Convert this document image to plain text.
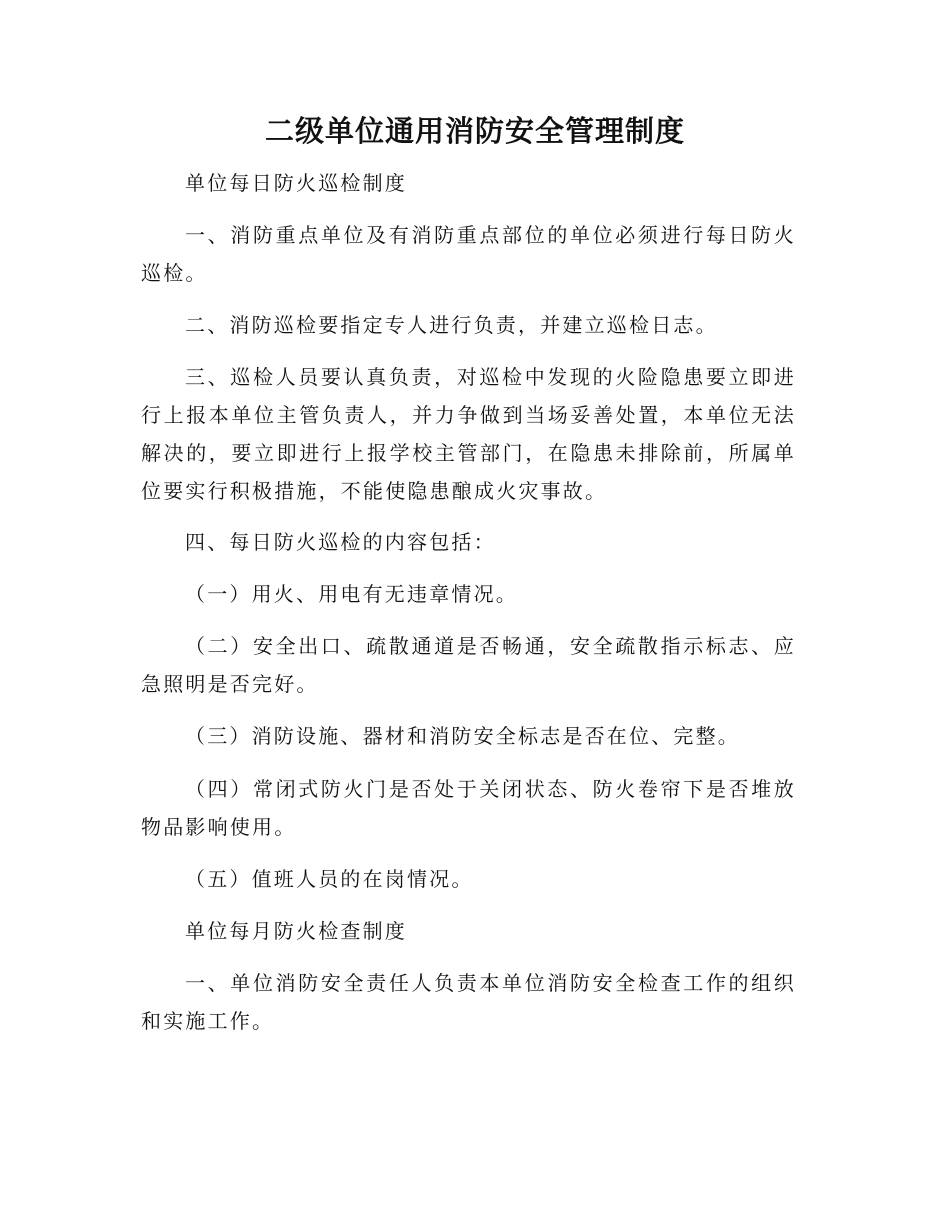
二级单位通用消防安全管理制度

单位每日防火巡检制度

一、消防重点单位及有消防重点部位的单位必须进行每日防火巡检。

二、消防巡检要指定专人进行负责，并建立巡检日志。

三、巡检人员要认真负责，对巡检中发现的火险隐患要立即进行上报本单位主管负责人，并力争做到当场妥善处置，本单位无法解决的，要立即进行上报学校主管部门，在隐患未排除前，所属单位要实行积极措施，不能使隐患酿成火灾事故。

四、每日防火巡检的内容包括：

（一）用火、用电有无违章情况。

（二）安全出口、疏散通道是否畅通，安全疏散指示标志、应急照明是否完好。

（三）消防设施、器材和消防安全标志是否在位、完整。

（四）常闭式防火门是否处于关闭状态、防火卷帘下是否堆放物品影响使用。

（五）值班人员的在岗情况。

单位每月防火检查制度

一、单位消防安全责任人负责本单位消防安全检查工作的组织和实施工作。
